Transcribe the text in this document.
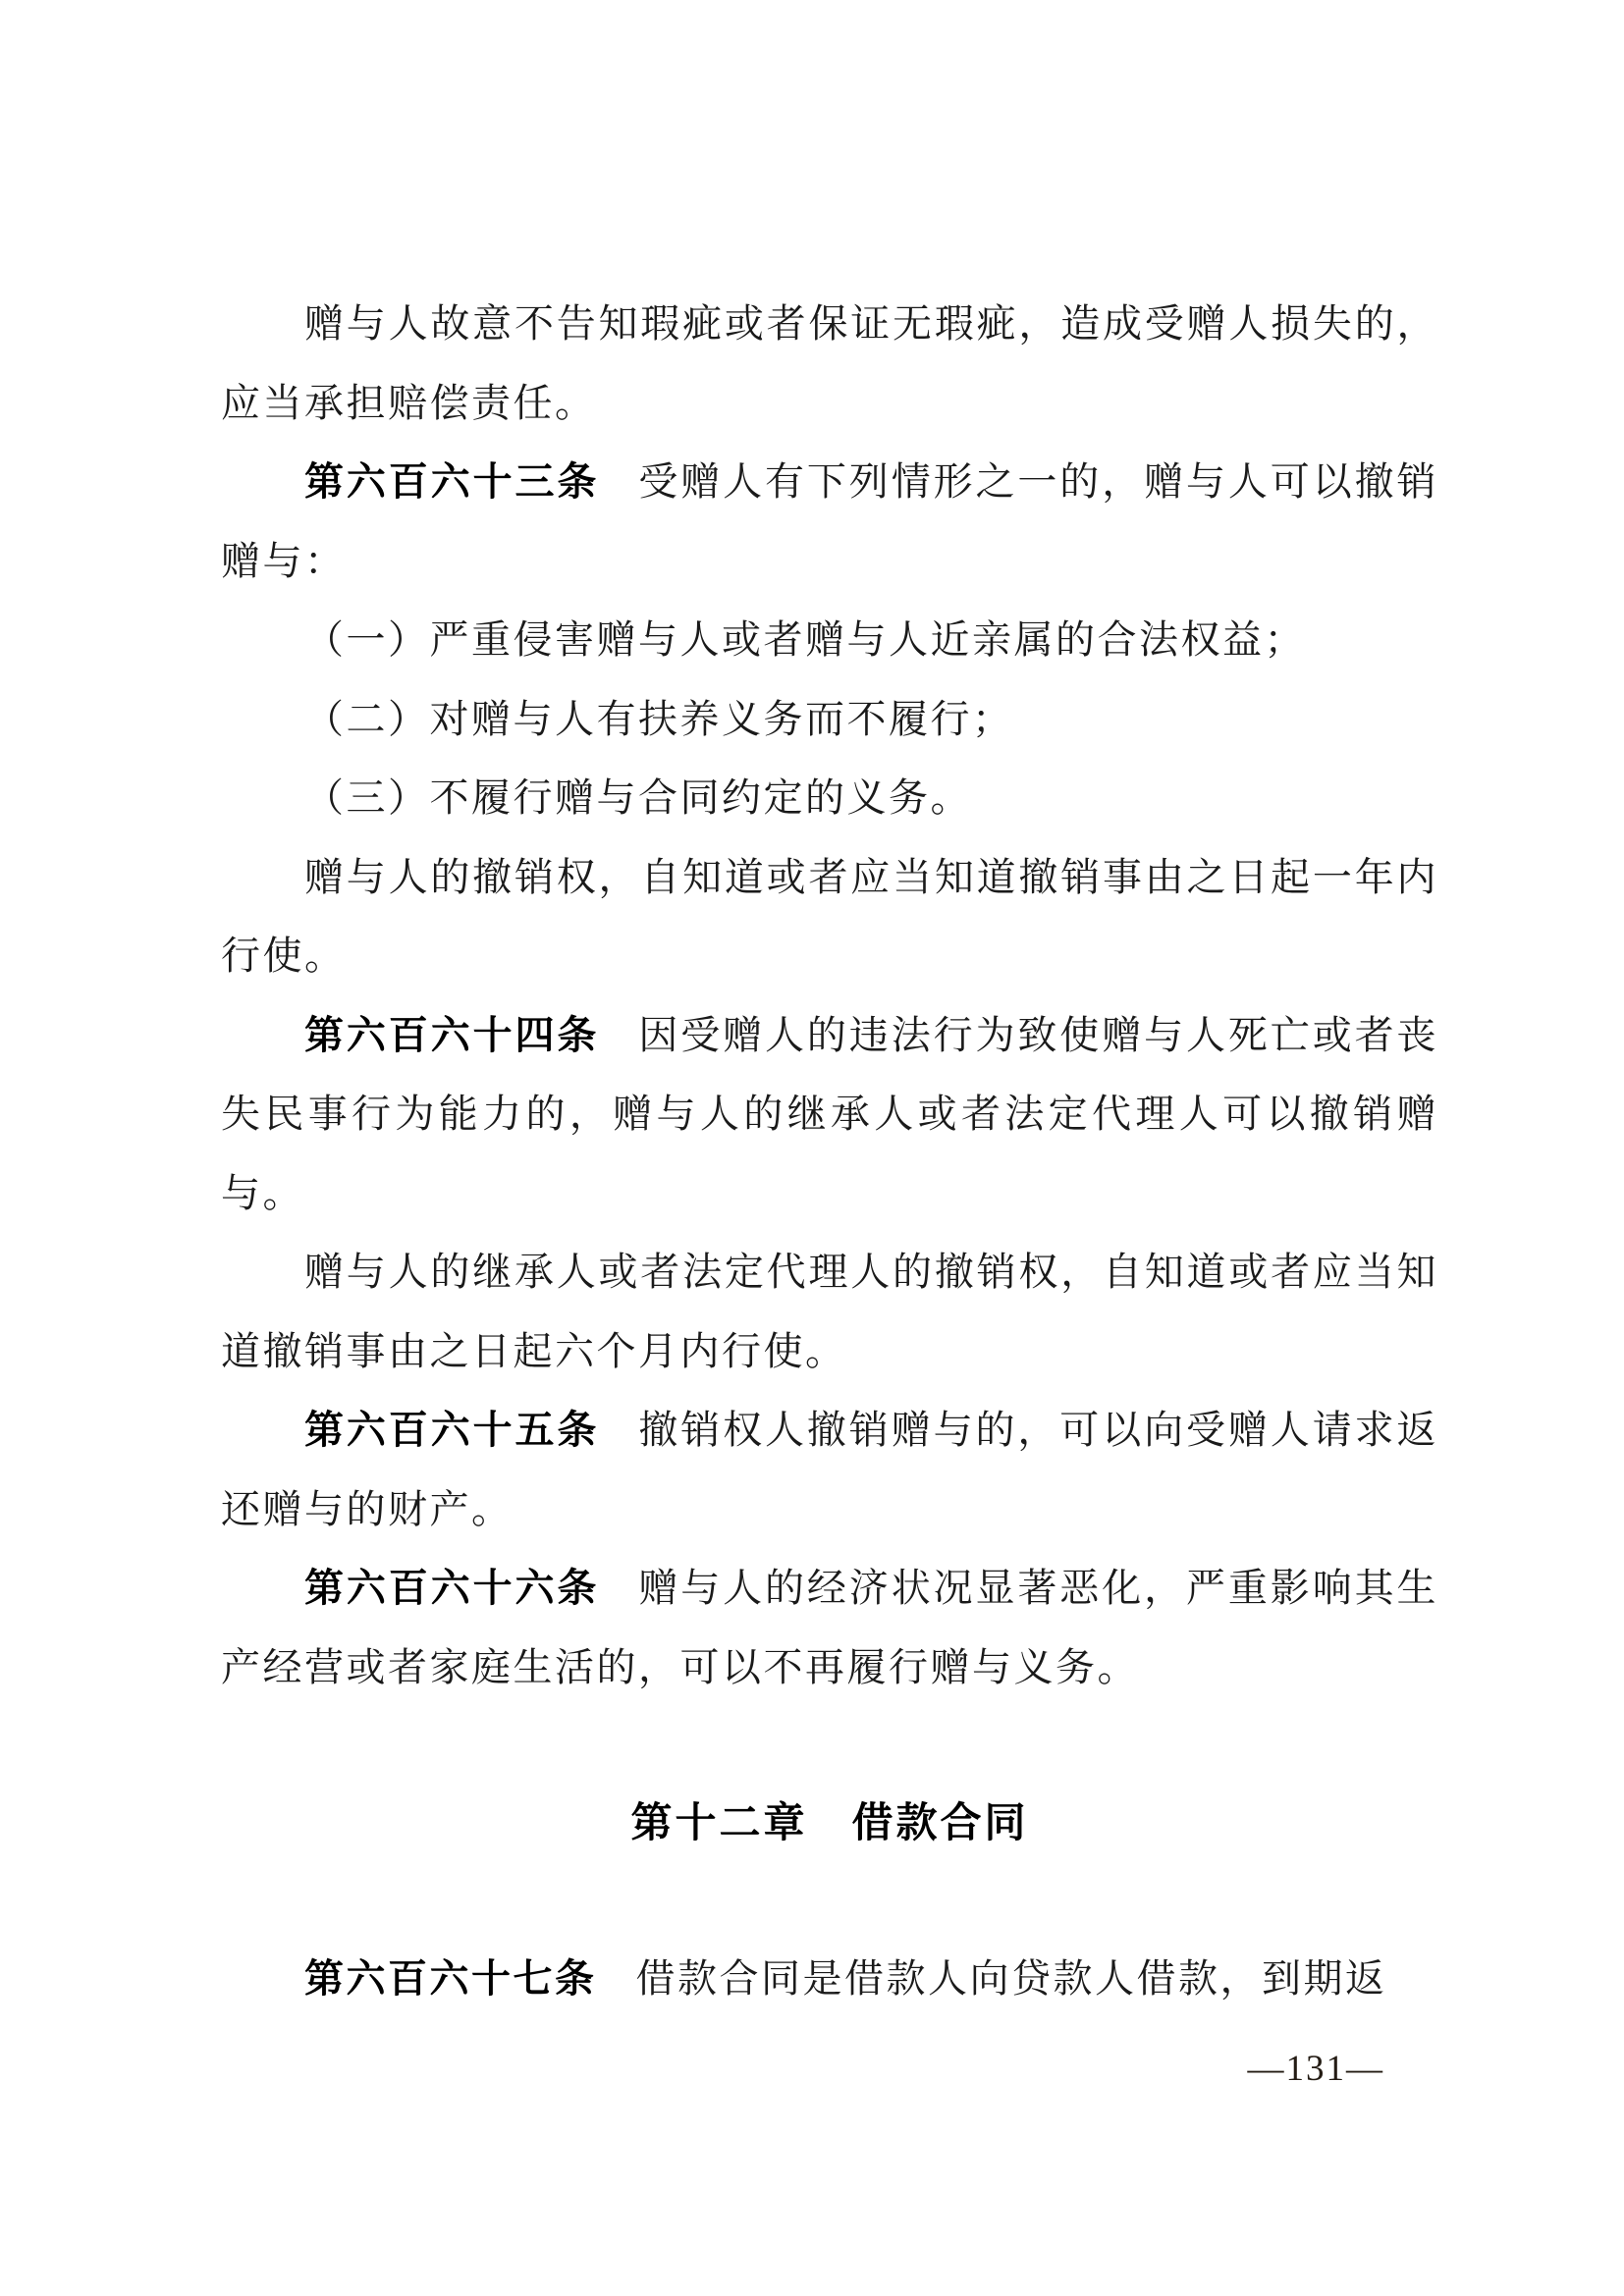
赠与人故意不告知瑕疵或者保证无瑕疵，造成受赠人损失的，应当承担赔偿责任。

第六百六十三条 受赠人有下列情形之一的，赠与人可以撤销赠与：

（一）严重侵害赠与人或者赠与人近亲属的合法权益；

（二）对赠与人有扶养义务而不履行；

（三）不履行赠与合同约定的义务。

赠与人的撤销权，自知道或者应当知道撤销事由之日起一年内行使。

第六百六十四条 因受赠人的违法行为致使赠与人死亡或者丧失民事行为能力的，赠与人的继承人或者法定代理人可以撤销赠与。

赠与人的继承人或者法定代理人的撤销权，自知道或者应当知道撤销事由之日起六个月内行使。

第六百六十五条 撤销权人撤销赠与的，可以向受赠人请求返还赠与的财产。

第六百六十六条 赠与人的经济状况显著恶化，严重影响其生产经营或者家庭生活的，可以不再履行赠与义务。

第十二章　借款合同

第六百六十七条 借款合同是借款人向贷款人借款，到期返

—131—
